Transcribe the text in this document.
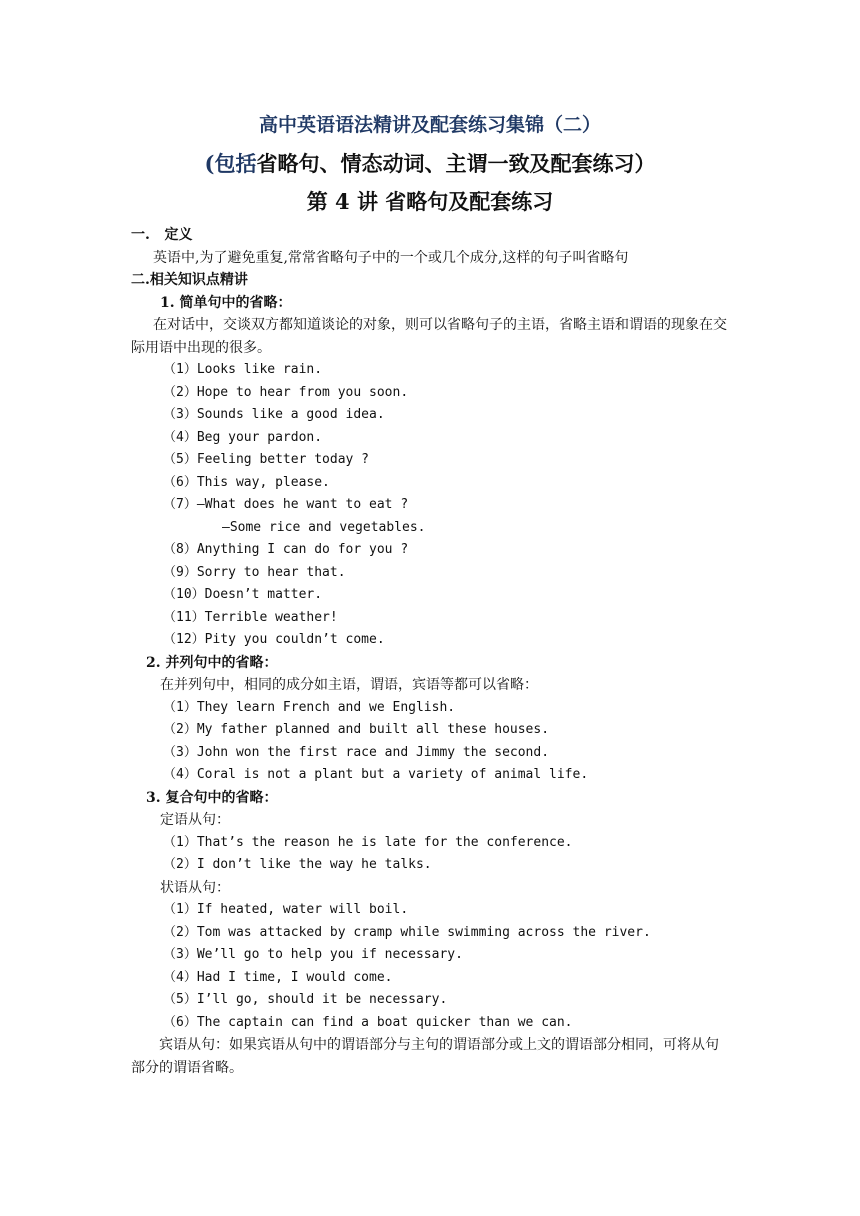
高中英语语法精讲及配套练习集锦（二）
(包括省略句、情态动词、主谓一致及配套练习）
第 4 讲 省略句及配套练习
一.   定义
英语中,为了避免重复,常常省略句子中的一个或几个成分,这样的句子叫省略句
二.相关知识点精讲
1. 简单句中的省略：
在对话中，交谈双方都知道谈论的对象，则可以省略句子的主语，省略主语和谓语的现象在交际用语中出现的很多。
（1）Looks like rain.
（2）Hope to hear from you soon.
（3）Sounds like a good idea.
（4）Beg your pardon.
（5）Feeling better today ?
（6）This way, please.
（7）—What does he want to eat ?
—Some rice and vegetables.
（8）Anything I can do for you ?
（9）Sorry to hear that.
（10）Doesn’t matter.
（11）Terrible weather!
（12）Pity you couldn’t come.
2. 并列句中的省略：
在并列句中，相同的成分如主语，谓语，宾语等都可以省略：
（1）They learn French and we English.
（2）My father planned and built all these houses.
（3）John won the first race and Jimmy the second.
（4）Coral is not a plant but a variety of animal life.
3. 复合句中的省略：
定语从句：
（1）That’s the reason he is late for the conference.
（2）I don’t like the way he talks.
状语从句：
（1）If heated, water will boil.
（2）Tom was attacked by cramp while swimming across the river.
（3）We’ll go to help you if necessary.
（4）Had I time, I would come.
（5）I’ll go, should it be necessary.
（6）The captain can find a boat quicker than we can.
宾语从句：如果宾语从句中的谓语部分与主句的谓语部分或上文的谓语部分相同，可将从句部分的谓语省略。
